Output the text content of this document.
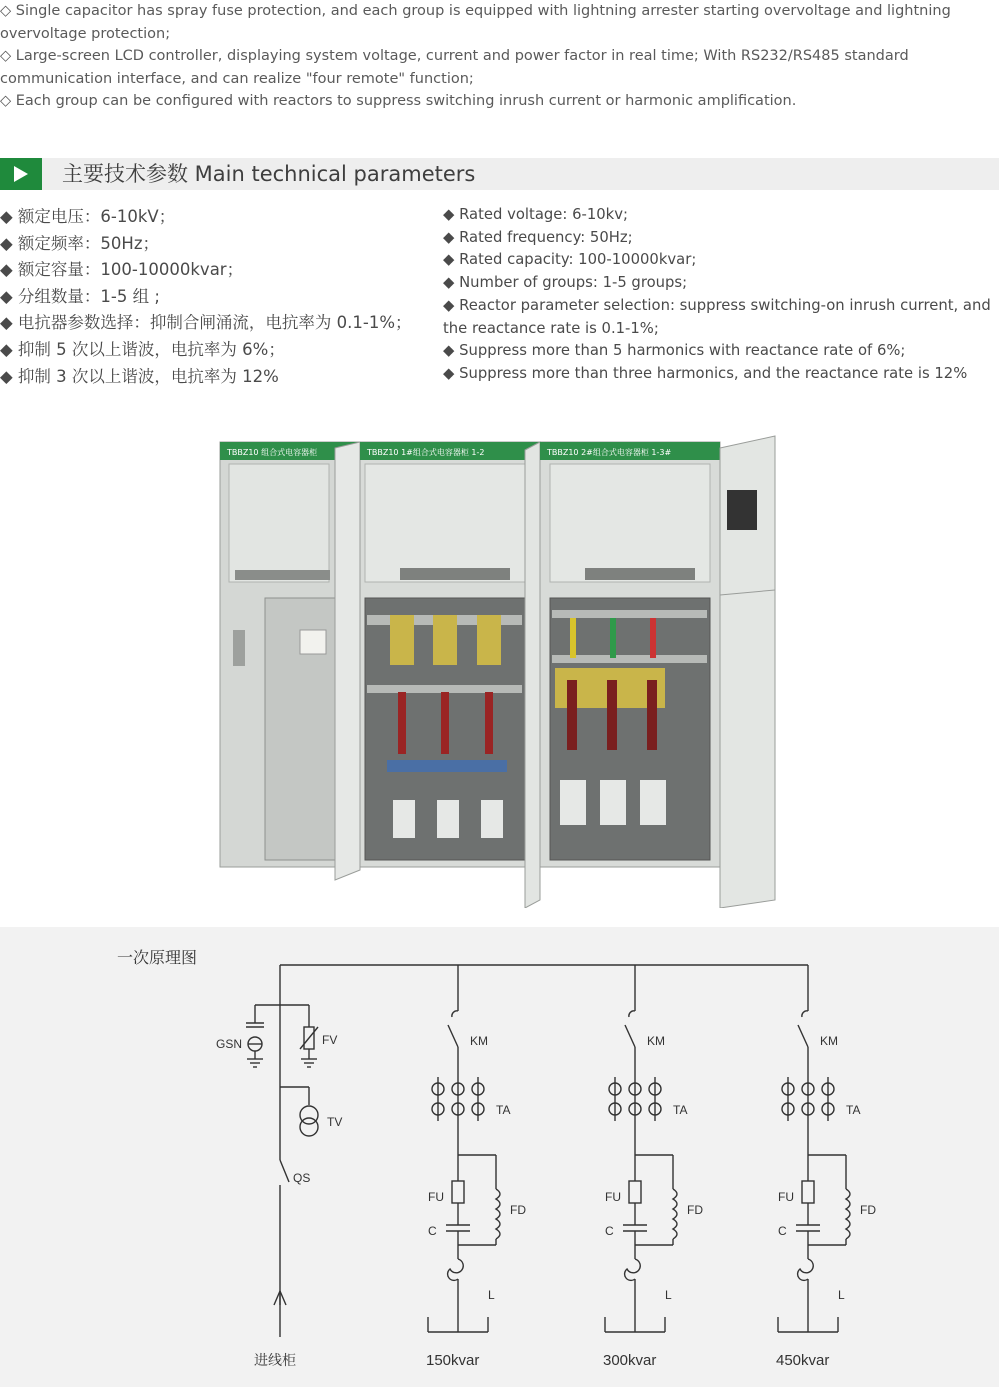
◇ Single capacitor has spray fuse protection, and each group is equipped with lightning arrester starting overvoltage and lightning overvoltage protection;

◇ Large-screen LCD controller, displaying system voltage, current and power factor in real time; With RS232/RS485 standard communication interface, and can realize "four remote" function;

◇ Each group can be configured with reactors to suppress switching inrush current or harmonic amplification.

主要技术参数 Main technical parameters

◆ 额定电压：6-10kV；

◆ 额定频率：50Hz；

◆ 额定容量：100-10000kvar；

◆ 分组数量：1-5 组 ;

◆ 电抗器参数选择：抑制合闸涌流，电抗率为 0.1-1%；

◆ 抑制 5 次以上谐波，电抗率为 6%；

◆ 抑制 3 次以上谐波，电抗率为 12%

◆ Rated voltage: 6-10kv;

◆ Rated frequency: 50Hz;

◆ Rated capacity: 100-10000kvar;

◆ Number of groups: 1-5 groups;

◆ Reactor parameter selection: suppress switching-on inrush current, and the reactance rate is 0.1-1%;

◆ Suppress more than 5 harmonics with reactance rate of 6%;

◆ Suppress more than three harmonics, and the reactance rate is 12%

TBBZ10 组合式电容器柜	TBBZ10 1#组合式电容器柜 1-2	TBBZ10 2#组合式电容器柜 1-3#
一次原理图
GSN	FV
TV
QS
进线柜
KM
TA
FU
FD
C
L
150kvar
KM
TA
FU
FD
C
L
300kvar
KM
TA
FU
FD
C
L
450kvar
